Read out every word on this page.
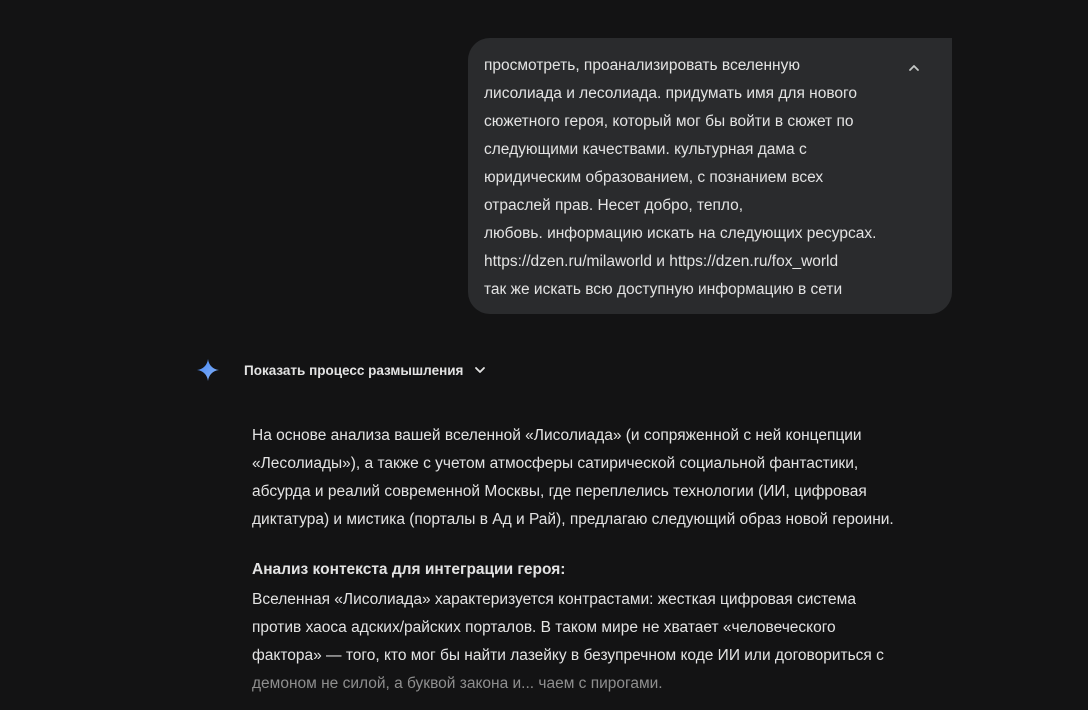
просмотреть, проанализировать вселенную
лисолиада и лесолиада. придумать имя для нового
сюжетного героя, который мог бы войти в сюжет по
следующими качествами. культурная дама с
юридическим образованием, с познанием всех
отраслей прав. Несет добро, тепло,
любовь. информацию искать на следующих ресурсах.
https://dzen.ru/milaworld и https://dzen.ru/fox_world
так же искать всю доступную информацию в сети
Показать процесс размышления
На основе анализа вашей вселенной «Лисолиада» (и сопряженной с ней концепции
«Лесолиады»), а также с учетом атмосферы сатирической социальной фантастики,
абсурда и реалий современной Москвы, где переплелись технологии (ИИ, цифровая
диктатура) и мистика (порталы в Ад и Рай), предлагаю следующий образ новой героини.
Анализ контекста для интеграции героя:
Вселенная «Лисолиада» характеризуется контрастами: жесткая цифровая система
против хаоса адских/райских порталов. В таком мире не хватает «человеческого
фактора» — того, кто мог бы найти лазейку в безупречном коде ИИ или договориться с
демоном не силой, а буквой закона и... чаем с пирогами.
